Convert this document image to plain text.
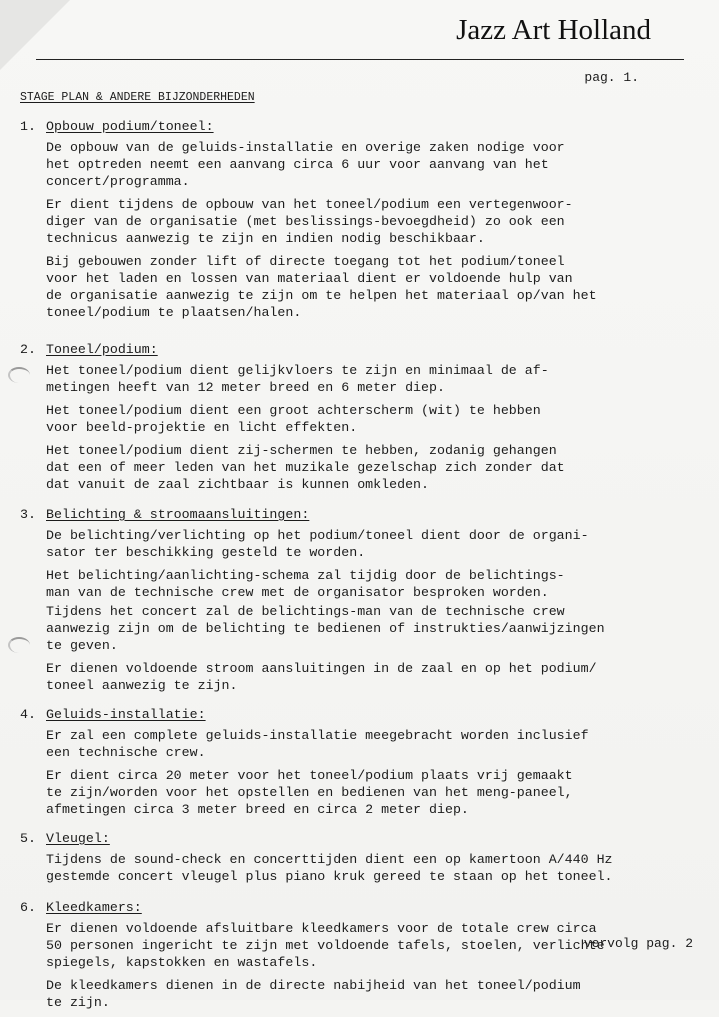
Jazz Art Holland
pag. 1.
STAGE PLAN & ANDERE BIJZONDERHEDEN
1. Opbouw podium/toneel:
De opbouw van de geluids-installatie en overige zaken nodige voor
het optreden neemt een aanvang circa 6 uur voor aanvang van het
concert/programma.
Er dient tijdens de opbouw van het toneel/podium een vertegenwoor-
diger van de organisatie (met beslissings-bevoegdheid) zo ook een
technicus aanwezig te zijn en indien nodig beschikbaar.
Bij gebouwen zonder lift of directe toegang tot het podium/toneel
voor het laden en lossen van materiaal dient er voldoende hulp van
de organisatie aanwezig te zijn om te helpen het materiaal op/van het
toneel/podium te plaatsen/halen.
2. Toneel/podium:
Het toneel/podium dient gelijkvloers te zijn en minimaal de af-
metingen heeft van 12 meter breed en 6 meter diep.
Het toneel/podium dient een groot achterscherm (wit) te hebben
voor beeld-projektie en licht effekten.
Het toneel/podium dient zij-schermen te hebben, zodanig gehangen
dat een of meer leden van het muzikale gezelschap zich zonder dat
dat vanuit de zaal zichtbaar is kunnen omkleden.
3. Belichting & stroomaansluitingen:
De belichting/verlichting op het podium/toneel dient door de organi-
sator ter beschikking gesteld te worden.
Het belichting/aanlichting-schema zal tijdig door de belichtings-
man van de technische crew met de organisator besproken worden.
Tijdens het concert zal de belichtings-man van de technische crew
aanwezig zijn om de belichting te bedienen of instrukties/aanwijzingen
te geven.
Er dienen voldoende stroom aansluitingen in de zaal en op het podium/
toneel aanwezig te zijn.
4. Geluids-installatie:
Er zal een complete geluids-installatie meegebracht worden inclusief
een technische crew.
Er dient circa 20 meter voor het toneel/podium plaats vrij gemaakt
te zijn/worden voor het opstellen en bedienen van het meng-paneel,
afmetingen circa 3 meter breed en circa 2 meter diep.
5. Vleugel:
Tijdens de sound-check en concerttijden dient een op kamertoon A/440 Hz
gestemde concert vleugel plus piano kruk gereed te staan op het toneel.
6. Kleedkamers:
Er dienen voldoende afsluitbare kleedkamers voor de totale crew circa
50 personen ingericht te zijn met voldoende tafels, stoelen, verlichte
spiegels, kapstokken en wastafels.
De kleedkamers dienen in de directe nabijheid van het toneel/podium
te zijn.
vervolg pag. 2
